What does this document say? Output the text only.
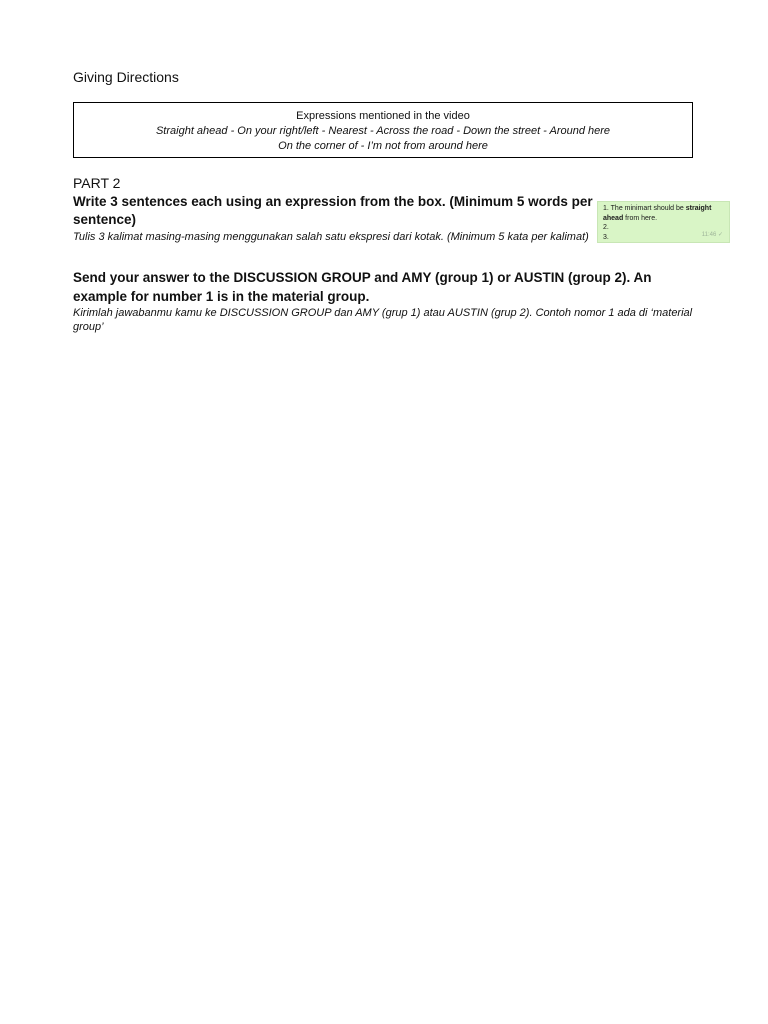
Giving Directions
Expressions mentioned in the video
Straight ahead - On your right/left - Nearest - Across the road - Down the street - Around here
On the corner of - I’m not from around here
PART 2
Write 3 sentences each using an expression from the box. (Minimum 5 words per sentence)
Tulis 3 kalimat masing-masing menggunakan salah satu ekspresi dari kotak. (Minimum 5 kata per kalimat)
1. The minimart should be straight
ahead from here.
2.
3.	11:46 ✓
Send your answer to the DISCUSSION GROUP and AMY (group 1) or AUSTIN (group 2). An example for number 1 is in the material group.
Kirimlah jawabanmu kamu ke DISCUSSION GROUP dan AMY (grup 1) atau AUSTIN (grup 2). Contoh nomor 1 ada di ‘material group’
